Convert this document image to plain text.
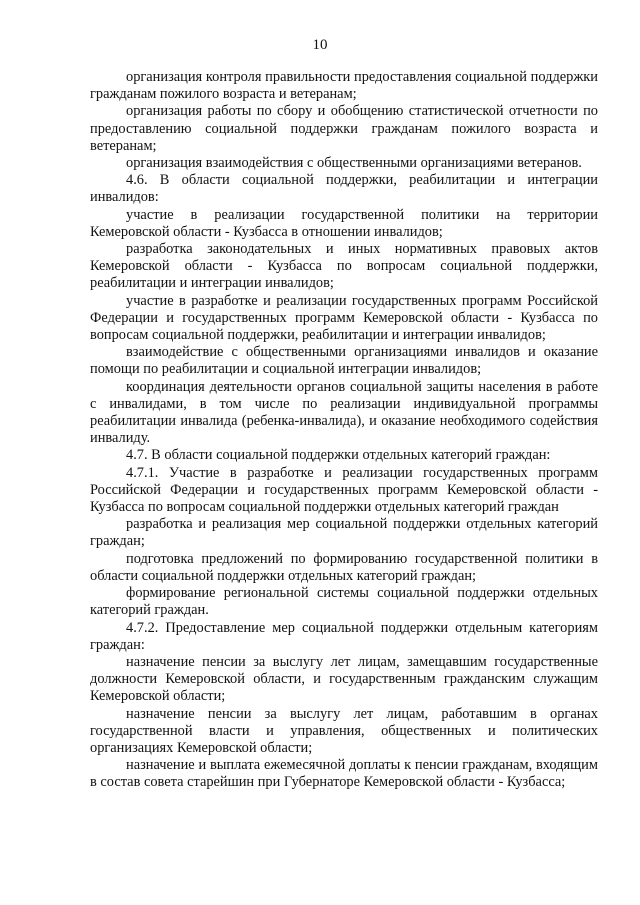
10

организация контроля правильности предоставления социальной поддержки гражданам пожилого возраста и ветеранам;

организация работы по сбору и обобщению статистической отчетности по предоставлению социальной поддержки гражданам пожилого возраста и ветеранам;

организация взаимодействия с общественными организациями ветеранов.

4.6. В области социальной поддержки, реабилитации и интеграции инвалидов:

участие в реализации государственной политики на территории Кемеровской области - Кузбасса в отношении инвалидов;

разработка законодательных и иных нормативных правовых актов Кемеровской области - Кузбасса по вопросам социальной поддержки, реабилитации и интеграции инвалидов;

участие в разработке и реализации государственных программ Российской Федерации и государственных программ Кемеровской области - Кузбасса по вопросам социальной поддержки, реабилитации и интеграции инвалидов;

взаимодействие с общественными организациями инвалидов и оказание помощи по реабилитации и социальной интеграции инвалидов;

координация деятельности органов социальной защиты населения в работе с инвалидами, в том числе по реализации индивидуальной программы реабилитации инвалида (ребенка-инвалида), и оказание необходимого содействия инвалиду.

4.7. В области социальной поддержки отдельных категорий граждан:

4.7.1. Участие в разработке и реализации государственных программ Российской Федерации и государственных программ Кемеровской области - Кузбасса по вопросам социальной поддержки отдельных категорий граждан

разработка и реализация мер социальной поддержки отдельных категорий граждан;

подготовка предложений по формированию государственной политики в области социальной поддержки отдельных категорий граждан;

формирование региональной системы социальной поддержки отдельных категорий граждан.

4.7.2. Предоставление мер социальной поддержки отдельным категориям граждан:

назначение пенсии за выслугу лет лицам, замещавшим государственные должности Кемеровской области, и государственным гражданским служащим Кемеровской области;

назначение пенсии за выслугу лет лицам, работавшим в органах государственной власти и управления, общественных и политических организациях Кемеровской области;

назначение и выплата ежемесячной доплаты к пенсии гражданам, входящим в состав совета старейшин при Губернаторе Кемеровской области - Кузбасса;
